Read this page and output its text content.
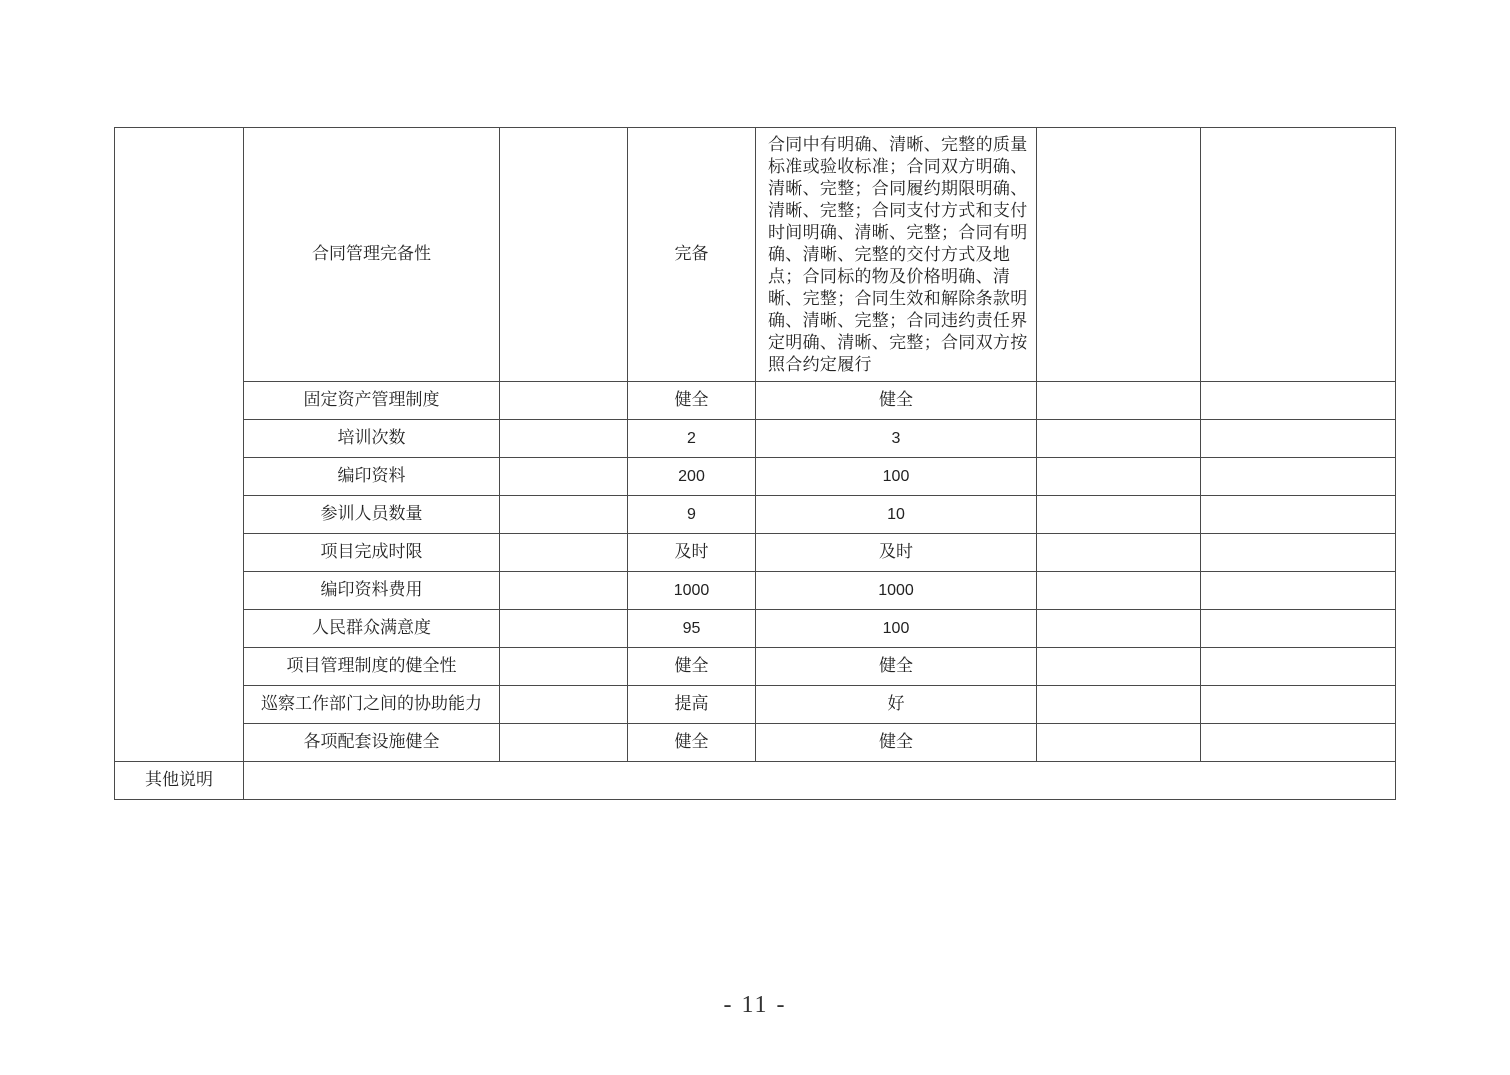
	合同管理完备性		完备	合同中有明确、清晰、完整的质量标准或验收标准；合同双方明确、清晰、完整；合同履约期限明确、清晰、完整；合同支付方式和支付时间明确、清晰、完整；合同有明确、清晰、完整的交付方式及地点；合同标的物及价格明确、清晰、完整；合同生效和解除条款明确、清晰、完整；合同违约责任界定明确、清晰、完整；合同双方按照合约定履行		

	固定资产管理制度		健全	健全		
	培训次数		2	3		
	编印资料		200	100		
	参训人员数量		9	10		
	项目完成时限		及时	及时		
	编印资料费用		1000	1000		
	人民群众满意度		95	100		
	项目管理制度的健全性		健全	健全		
	巡察工作部门之间的协助能力		提高	好		
	各项配套设施健全		健全	健全		
其他说明						
- 11 -
